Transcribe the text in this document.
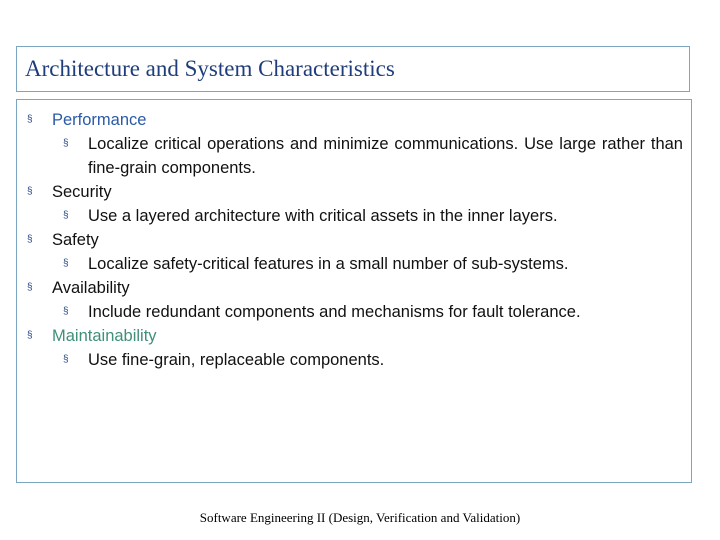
Architecture and System Characteristics
§ Performance
§ Localize critical operations and minimize communications. Use large rather than fine-grain components.
§ Security
§ Use a layered architecture with critical assets in the inner layers.
§ Safety
§ Localize safety-critical features in a small number of sub-systems.
§ Availability
§ Include redundant components and mechanisms for fault tolerance.
§ Maintainability
§ Use fine-grain, replaceable components.
Software Engineering II (Design, Verification and Validation)
